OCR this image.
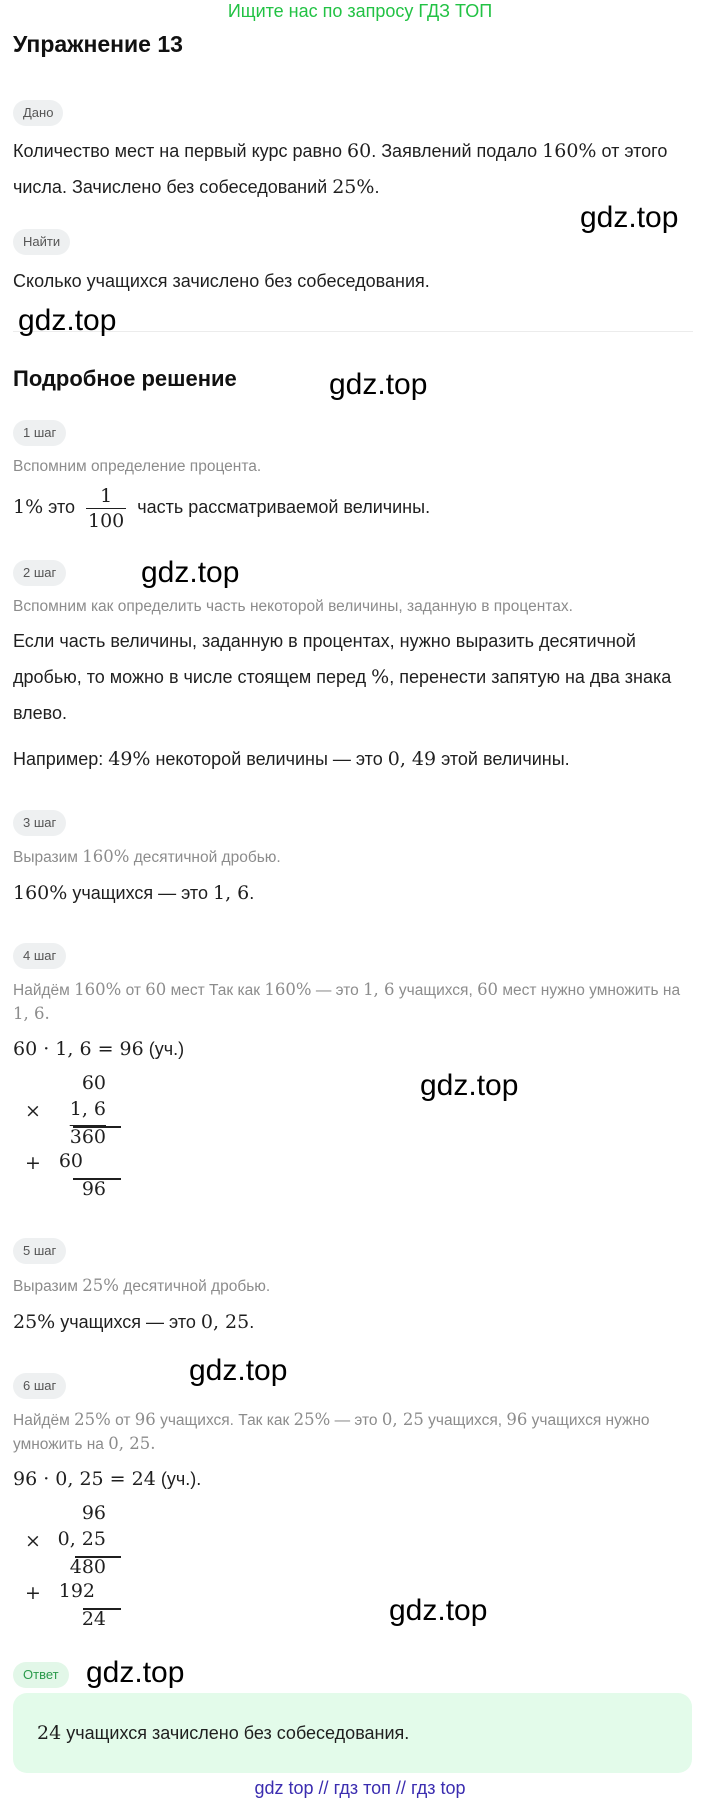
Ищите нас по запросу ГДЗ ТОП
Упражнение 13
Дано
Количество мест на первый курс равно 60. Заявлений подало 160% от этого
числа. Зачислено без собеседований 25%.
Найти
Сколько учащихся зачислено без собеседования.
Подробное решение
1 шаг
Вспомним определение процента.
1% это $\frac{1}{100}$ часть рассматриваемой величины.
2 шаг
Вспомним как определить часть некоторой величины, заданную в процентах.
Если часть величины, заданную в процентах, нужно выразить десятичной
дробью, то можно в числе стоящем перед %, перенести запятую на два знака
влево.
Например: 49% некоторой величины — это 0, 49 этой величины.
3 шаг
Выразим 160% десятичной дробью.
160% учащихся — это 1, 6.
4 шаг
Найдём 160% от 60 мест Так как 160% — это 1, 6 учащихся, 60 мест нужно умножить на
1, 6.
60 · 1, 6 = 96 (уч.)
60
× 1, 6
360
+ 60
96
5 шаг
Выразим 25% десятичной дробью.
25% учащихся — это 0, 25.
6 шаг
Найдём 25% от 96 учащихся. Так как 25% — это 0, 25 учащихся, 96 учащихся нужно
умножить на 0, 25.
96 · 0, 25 = 24 (уч.).
96
× 0, 25
480
+ 192
24
Ответ
24 учащихся зачислено без собеседования.
gdz.top
gdz.top
gdz.top
gdz.top
gdz.top
gdz.top
gdz.top
gdz.top
gdz top // гдз топ // гдз top
